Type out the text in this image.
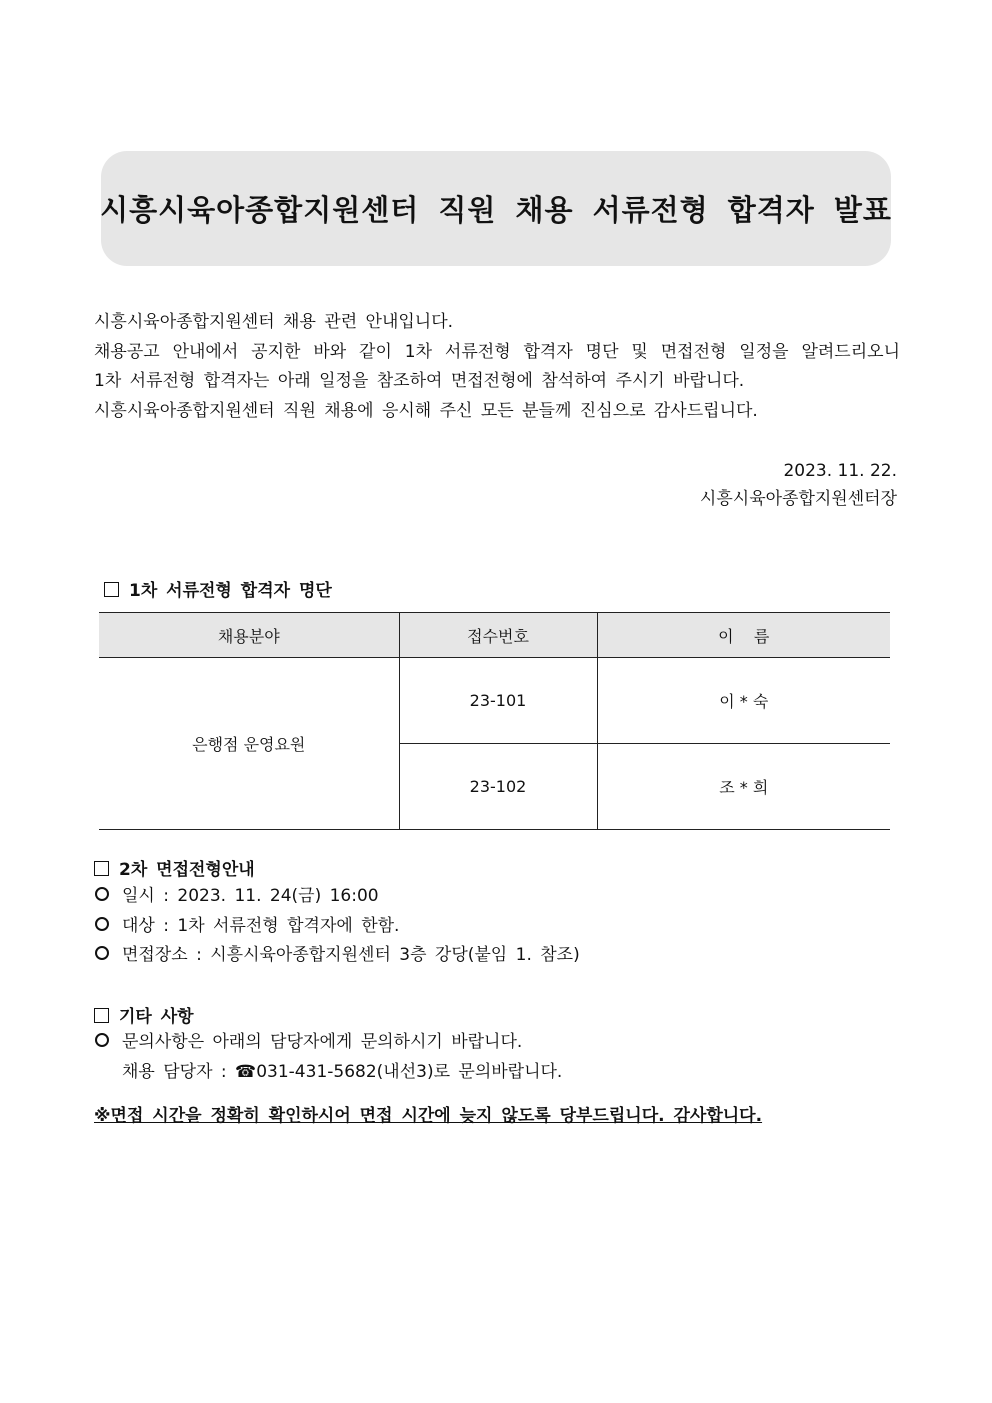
시흥시육아종합지원센터 직원 채용 서류전형 합격자 발표
시흥시육아종합지원센터 채용 관련 안내입니다.
채용공고 안내에서 공지한 바와 같이 1차 서류전형 합격자 명단 및 면접전형 일정을 알려드리오니
1차 서류전형 합격자는 아래 일정을 참조하여 면접전형에 참석하여 주시기 바랍니다.
시흥시육아종합지원센터 직원 채용에 응시해 주신 모든 분들께 진심으로 감사드립니다.
2023. 11. 22.
시흥시육아종합지원센터장
1차 서류전형 합격자 명단
채용분야	접수번호	이    름
은행점 운영요원	23-101	이 * 숙
	23-102	조 * 희
2차 면접전형안내
일시 : 2023. 11. 24(금) 16:00
대상 : 1차 서류전형 합격자에 한함.
면접장소 : 시흥시육아종합지원센터 3층 강당(붙임 1. 참조)
기타 사항
문의사항은 아래의 담당자에게 문의하시기 바랍니다.
채용 담당자 : ☎031-431-5682(내선3)로 문의바랍니다.
※면접 시간을 정확히 확인하시어 면접 시간에 늦지 않도록 당부드립니다. 감사합니다.
